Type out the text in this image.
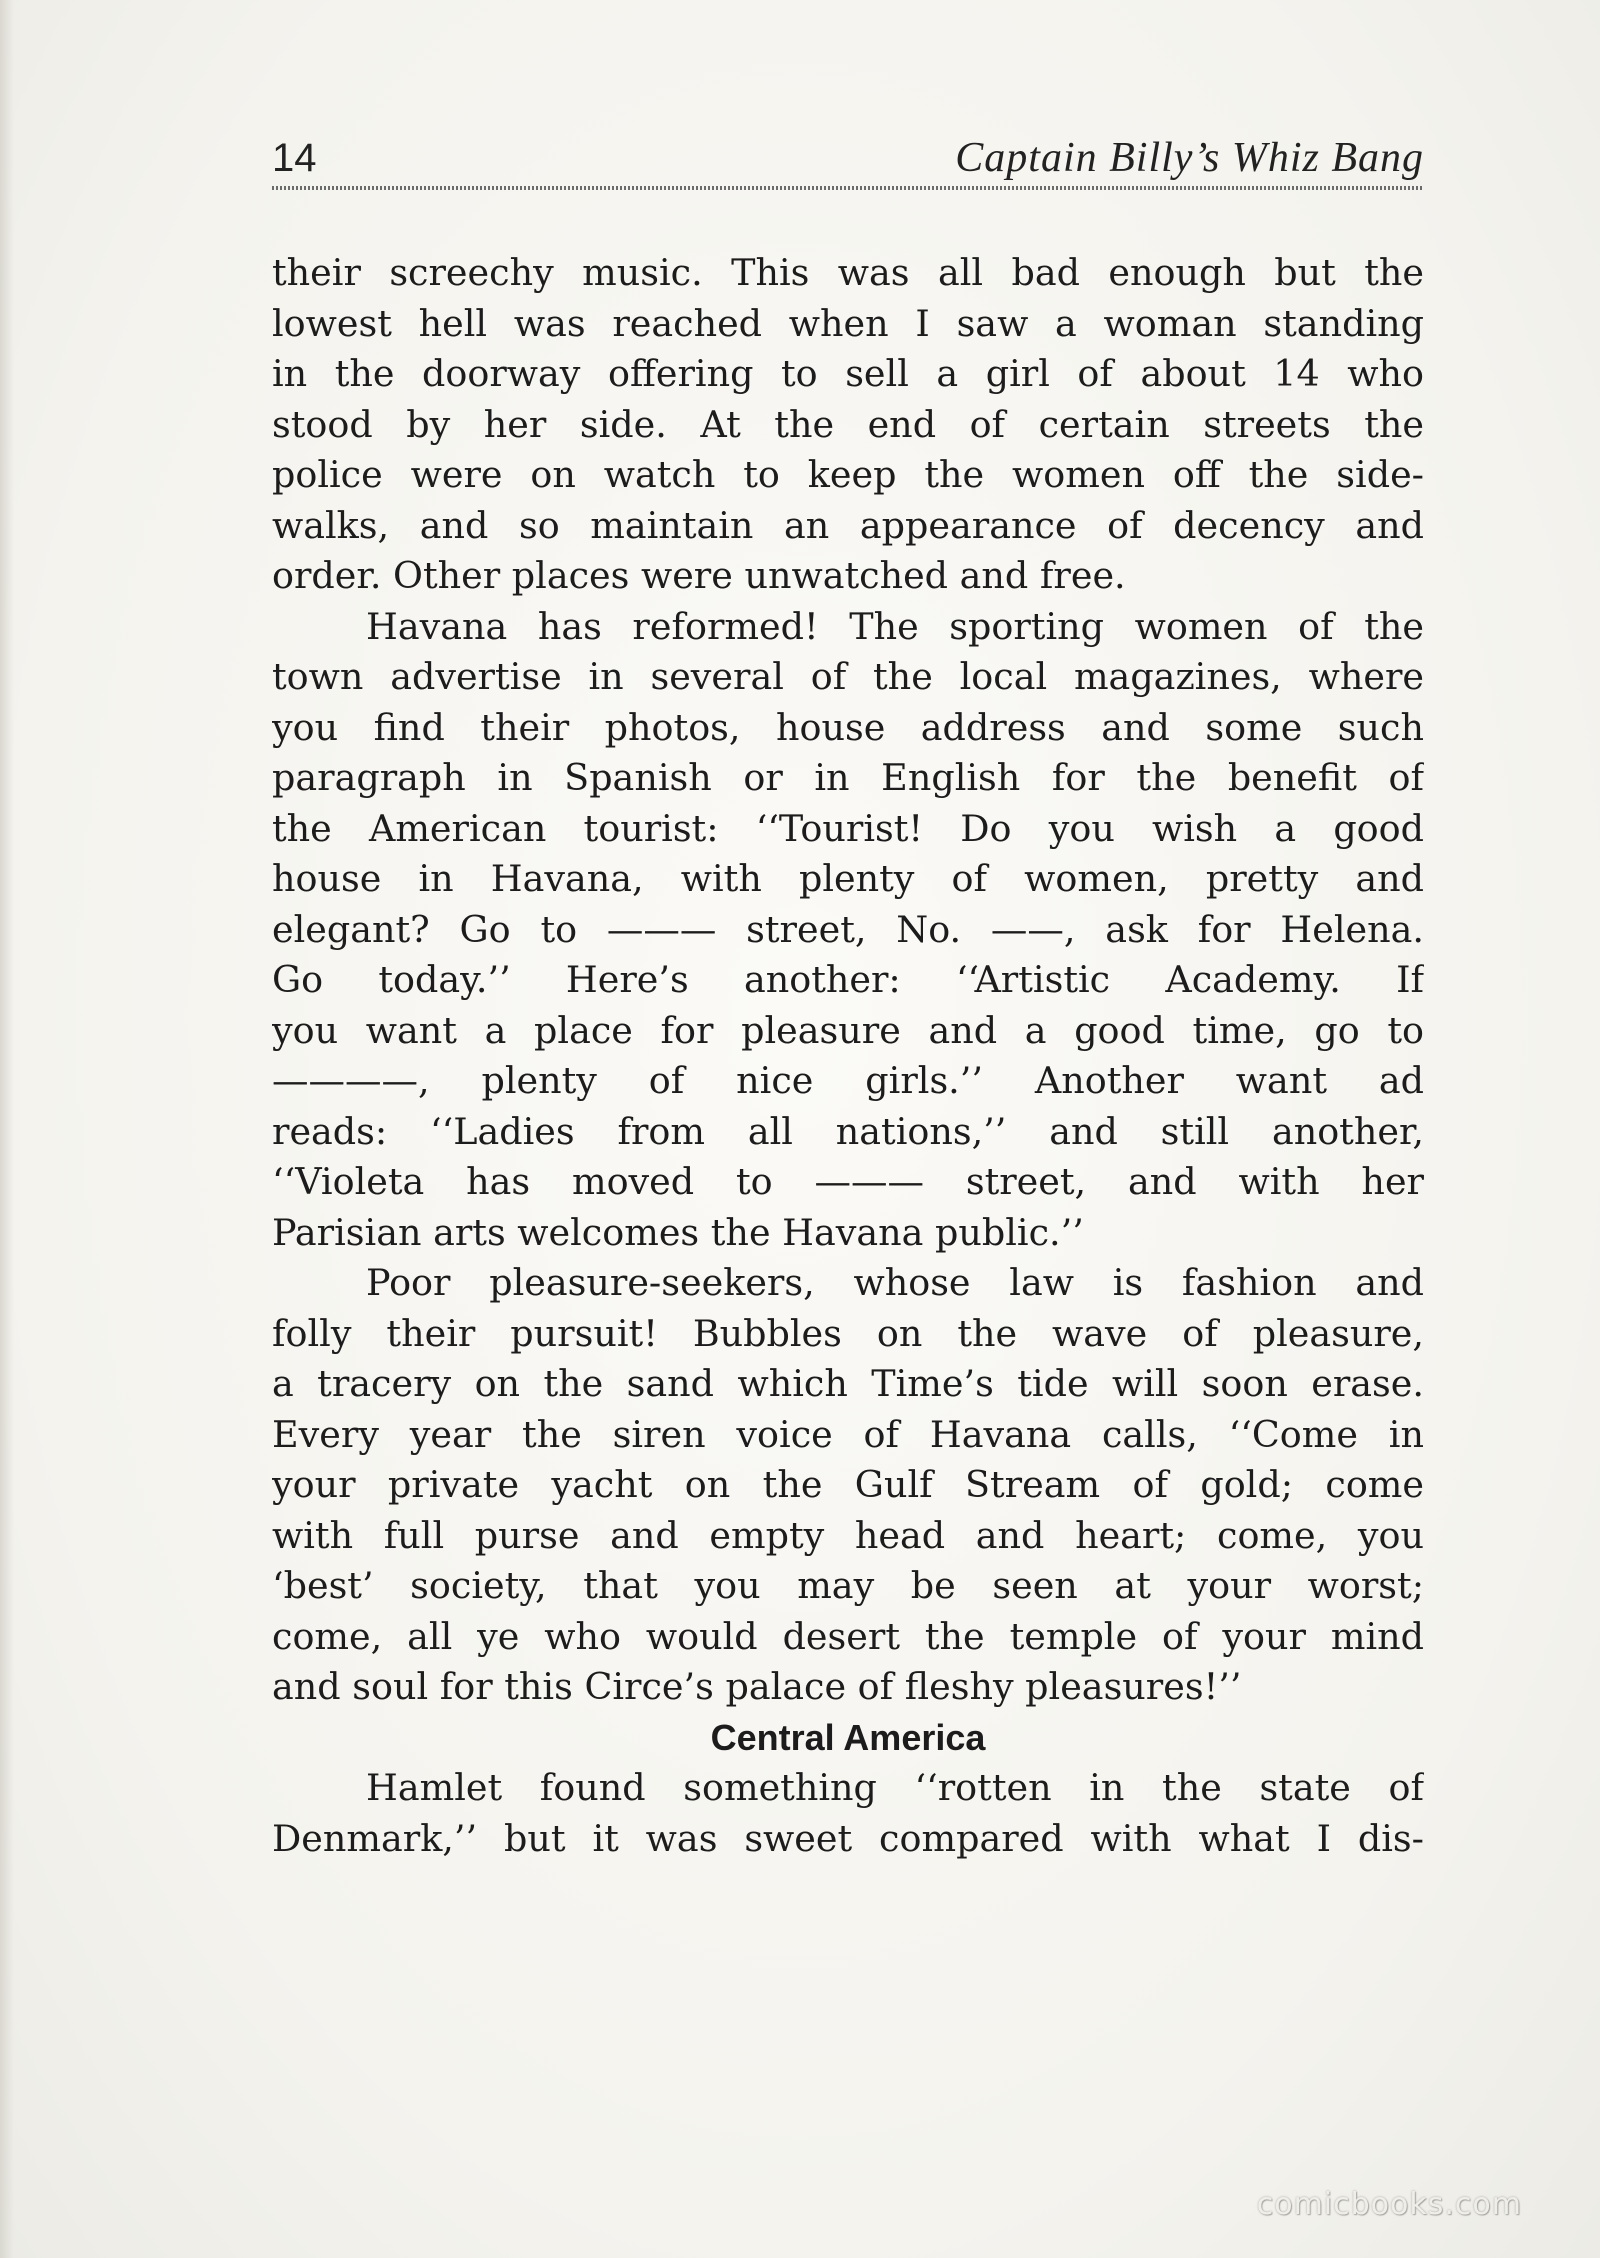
14	Captain Billy’s Whiz Bang
their screechy music. This was all bad enough but the
lowest hell was reached when I saw a woman standing
in the doorway offering to sell a girl of about 14 who
stood by her side. At the end of certain streets the
police were on watch to keep the women off the side-
walks, and so maintain an appearance of decency and
order. Other places were unwatched and free.
Havana has reformed! The sporting women of the
town advertise in several of the local magazines, where
you find their photos, house address and some such
paragraph in Spanish or in English for the benefit of
the American tourist: ‘‘Tourist! Do you wish a good
house in Havana, with plenty of women, pretty and
elegant? Go to ——— street, No. ——, ask for Helena.
Go today.’’ Here’s another: ‘‘Artistic Academy. If
you want a place for pleasure and a good time, go to
————, plenty of nice girls.’’ Another want ad
reads: ‘‘Ladies from all nations,’’ and still another,
‘‘Violeta has moved to ——— street, and with her
Parisian arts welcomes the Havana public.’’
Poor pleasure-seekers, whose law is fashion and
folly their pursuit! Bubbles on the wave of pleasure,
a tracery on the sand which Time’s tide will soon erase.
Every year the siren voice of Havana calls, ‘‘Come in
your private yacht on the Gulf Stream of gold; come
with full purse and empty head and heart; come, you
‘best’ society, that you may be seen at your worst;
come, all ye who would desert the temple of your mind
and soul for this Circe’s palace of fleshy pleasures!’’
Central America
Hamlet found something ‘‘rotten in the state of
Denmark,’’ but it was sweet compared with what I dis-
comicbooks.com
